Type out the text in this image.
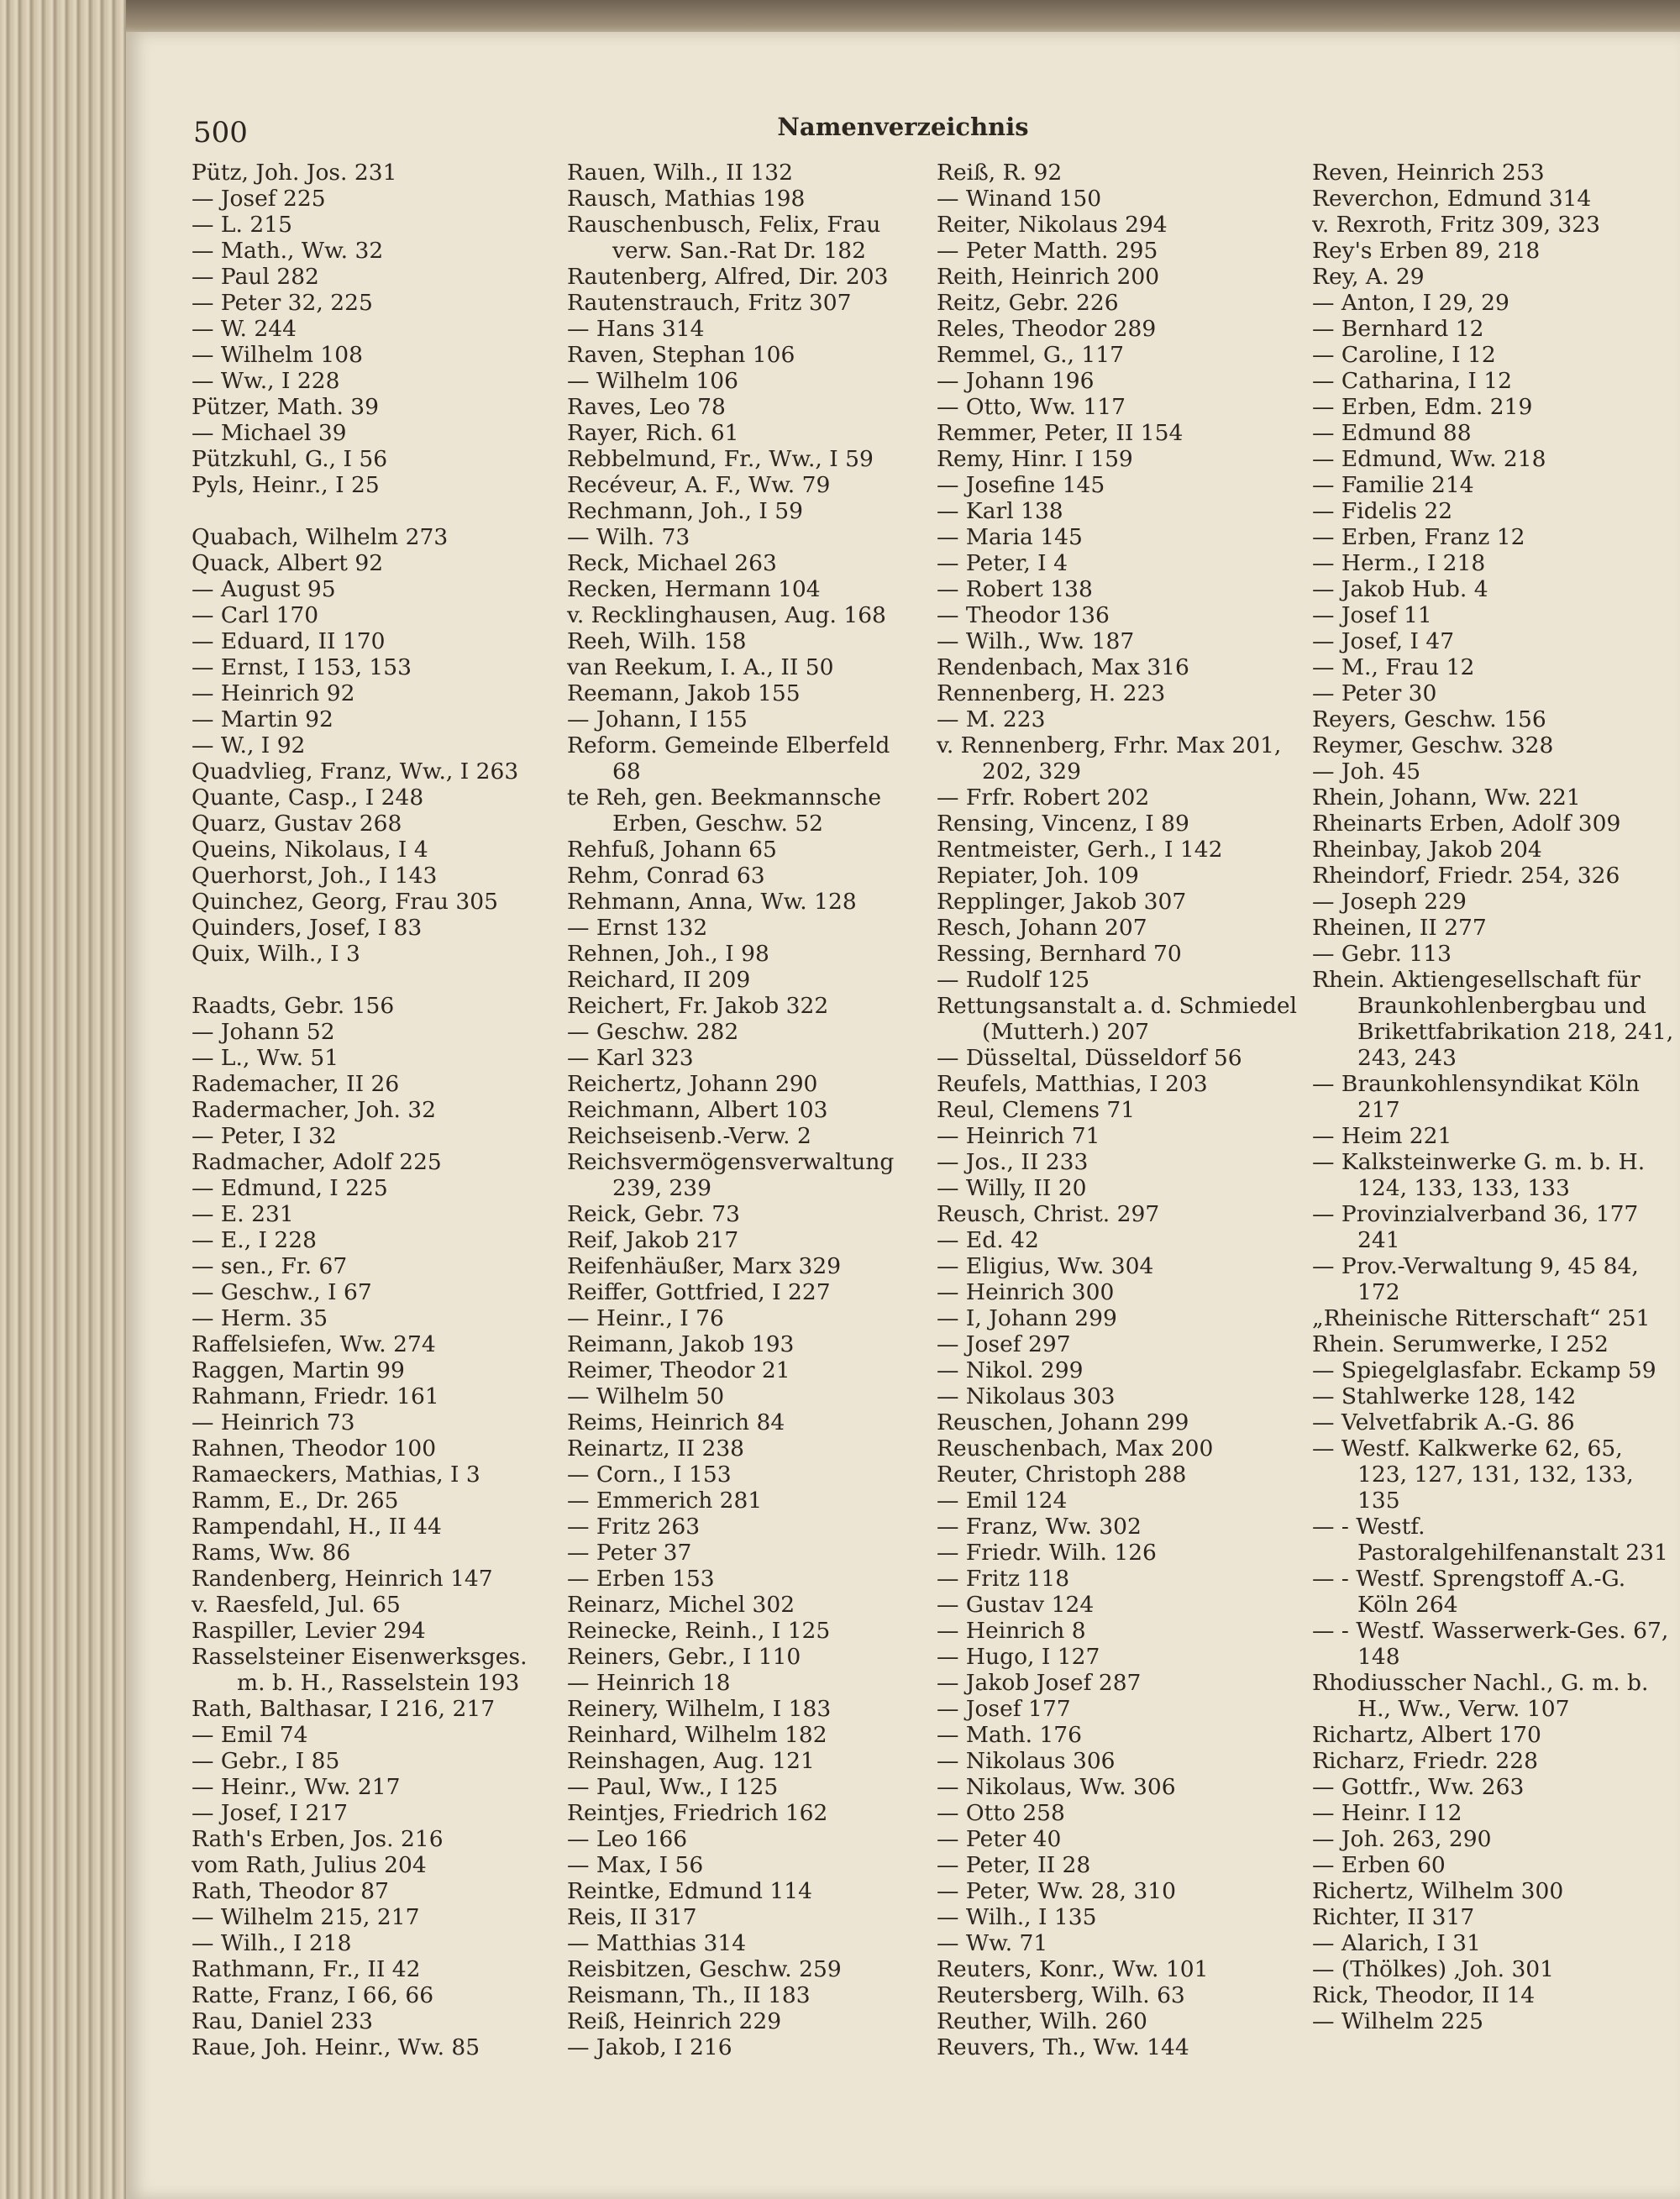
500	Namenverzeichnis
Pütz, Joh. Jos. 231
— Josef 225
— L. 215
— Math., Ww. 32
— Paul 282
— Peter 32, 225
— W. 244
— Wilhelm 108
— Ww., I 228
Pützer, Math. 39
— Michael 39
Pützkuhl, G., I 56
Pyls, Heinr., I 25
Quabach, Wilhelm 273
Quack, Albert 92
— August 95
— Carl 170
— Eduard, II 170
— Ernst, I 153, 153
— Heinrich 92
— Martin 92
— W., I 92
Quadvlieg, Franz, Ww., I 263
Quante, Casp., I 248
Quarz, Gustav 268
Queins, Nikolaus, I 4
Querhorst, Joh., I 143
Quinchez, Georg, Frau 305
Quinders, Josef, I 83
Quix, Wilh., I 3
Raadts, Gebr. 156
— Johann 52
— L., Ww. 51
Rademacher, II 26
Radermacher, Joh. 32
— Peter, I 32
Radmacher, Adolf 225
— Edmund, I 225
— E. 231
— E., I 228
— sen., Fr. 67
— Geschw., I 67
— Herm. 35
Raffelsiefen, Ww. 274
Raggen, Martin 99
Rahmann, Friedr. 161
— Heinrich 73
Rahnen, Theodor 100
Ramaeckers, Mathias, I 3
Ramm, E., Dr. 265
Rampendahl, H., II 44
Rams, Ww. 86
Randenberg, Heinrich 147
v. Raesfeld, Jul. 65
Raspiller, Levier 294
Rasselsteiner Eisenwerksges. m. b. H., Rasselstein 193
Rath, Balthasar, I 216, 217
— Emil 74
— Gebr., I 85
— Heinr., Ww. 217
— Josef, I 217
Rath's Erben, Jos. 216
vom Rath, Julius 204
Rath, Theodor 87
— Wilhelm 215, 217
— Wilh., I 218
Rathmann, Fr., II 42
Ratte, Franz, I 66, 66
Rau, Daniel 233
Raue, Joh. Heinr., Ww. 85
Rauen, Wilh., II 132
Rausch, Mathias 198
Rauschenbusch, Felix, Frau verw. San.-Rat Dr. 182
Rautenberg, Alfred, Dir. 203
Rautenstrauch, Fritz 307
— Hans 314
Raven, Stephan 106
— Wilhelm 106
Raves, Leo 78
Rayer, Rich. 61
Rebbelmund, Fr., Ww., I 59
Recéveur, A. F., Ww. 79
Rechmann, Joh., I 59
— Wilh. 73
Reck, Michael 263
Recken, Hermann 104
v. Recklinghausen, Aug. 168
Reeh, Wilh. 158
van Reekum, I. A., II 50
Reemann, Jakob 155
— Johann, I 155
Reform. Gemeinde Elberfeld 68
te Reh, gen. Beekmannsche Erben, Geschw. 52
Rehfuß, Johann 65
Rehm, Conrad 63
Rehmann, Anna, Ww. 128
— Ernst 132
Rehnen, Joh., I 98
Reichard, II 209
Reichert, Fr. Jakob 322
— Geschw. 282
— Karl 323
Reichertz, Johann 290
Reichmann, Albert 103
Reichseisenb.-Verw. 2
Reichsvermögensverwaltung 239, 239
Reick, Gebr. 73
Reif, Jakob 217
Reifenhäußer, Marx 329
Reiffer, Gottfried, I 227
— Heinr., I 76
Reimann, Jakob 193
Reimer, Theodor 21
— Wilhelm 50
Reims, Heinrich 84
Reinartz, II 238
— Corn., I 153
— Emmerich 281
— Fritz 263
— Peter 37
— Erben 153
Reinarz, Michel 302
Reinecke, Reinh., I 125
Reiners, Gebr., I 110
— Heinrich 18
Reinery, Wilhelm, I 183
Reinhard, Wilhelm 182
Reinshagen, Aug. 121
— Paul, Ww., I 125
Reintjes, Friedrich 162
— Leo 166
— Max, I 56
Reintke, Edmund 114
Reis, II 317
— Matthias 314
Reisbitzen, Geschw. 259
Reismann, Th., II 183
Reiß, Heinrich 229
— Jakob, I 216
Reiß, R. 92
— Winand 150
Reiter, Nikolaus 294
— Peter Matth. 295
Reith, Heinrich 200
Reitz, Gebr. 226
Reles, Theodor 289
Remmel, G., 117
— Johann 196
— Otto, Ww. 117
Remmer, Peter, II 154
Remy, Hinr. I 159
— Josefine 145
— Karl 138
— Maria 145
— Peter, I 4
— Robert 138
— Theodor 136
— Wilh., Ww. 187
Rendenbach, Max 316
Rennenberg, H. 223
— M. 223
v. Rennenberg, Frhr. Max 201, 202, 329
— Frfr. Robert 202
Rensing, Vincenz, I 89
Rentmeister, Gerh., I 142
Repiater, Joh. 109
Repplinger, Jakob 307
Resch, Johann 207
Ressing, Bernhard 70
— Rudolf 125
Rettungsanstalt a. d. Schmiedel (Mutterh.) 207
— Düsseltal, Düsseldorf 56
Reufels, Matthias, I 203
Reul, Clemens 71
— Heinrich 71
— Jos., II 233
— Willy, II 20
Reusch, Christ. 297
— Ed. 42
— Eligius, Ww. 304
— Heinrich 300
— I, Johann 299
— Josef 297
— Nikol. 299
— Nikolaus 303
Reuschen, Johann 299
Reuschenbach, Max 200
Reuter, Christoph 288
— Emil 124
— Franz, Ww. 302
— Friedr. Wilh. 126
— Fritz 118
— Gustav 124
— Heinrich 8
— Hugo, I 127
— Jakob Josef 287
— Josef 177
— Math. 176
— Nikolaus 306
— Nikolaus, Ww. 306
— Otto 258
— Peter 40
— Peter, II 28
— Peter, Ww. 28, 310
— Wilh., I 135
— Ww. 71
Reuters, Konr., Ww. 101
Reutersberg, Wilh. 63
Reuther, Wilh. 260
Reuvers, Th., Ww. 144
Reven, Heinrich 253
Reverchon, Edmund 314
v. Rexroth, Fritz 309, 323
Rey's Erben 89, 218
Rey, A. 29
— Anton, I 29, 29
— Bernhard 12
— Caroline, I 12
— Catharina, I 12
— Erben, Edm. 219
— Edmund 88
— Edmund, Ww. 218
— Familie 214
— Fidelis 22
— Erben, Franz 12
— Herm., I 218
— Jakob Hub. 4
— Josef 11
— Josef, I 47
— M., Frau 12
— Peter 30
Reyers, Geschw. 156
Reymer, Geschw. 328
— Joh. 45
Rhein, Johann, Ww. 221
Rheinarts Erben, Adolf 309
Rheinbay, Jakob 204
Rheindorf, Friedr. 254, 326
— Joseph 229
Rheinen, II 277
— Gebr. 113
Rhein. Aktiengesellschaft für Braunkohlenbergbau und Brikettfabrikation 218, 241, 243, 243
— Braunkohlensyndikat Köln 217
— Heim 221
— Kalksteinwerke G. m. b. H. 124, 133, 133, 133
— Provinzialverband 36, 177 241
— Prov.-Verwaltung 9, 45 84, 172
„Rheinische Ritterschaft“ 251
Rhein. Serumwerke, I 252
— Spiegelglasfabr. Eckamp 59
— Stahlwerke 128, 142
— Velvetfabrik A.-G. 86
— Westf. Kalkwerke 62, 65, 123, 127, 131, 132, 133, 135
— - Westf. Pastoralgehilfenanstalt 231
— - Westf. Sprengstoff A.-G. Köln 264
— - Westf. Wasserwerk-Ges. 67, 148
Rhodiusscher Nachl., G. m. b. H., Ww., Verw. 107
Richartz, Albert 170
Richarz, Friedr. 228
— Gottfr., Ww. 263
— Heinr. I 12
— Joh. 263, 290
— Erben 60
Richertz, Wilhelm 300
Richter, II 317
— Alarich, I 31
— (Thölkes) ,Joh. 301
Rick, Theodor, II 14
— Wilhelm 225
